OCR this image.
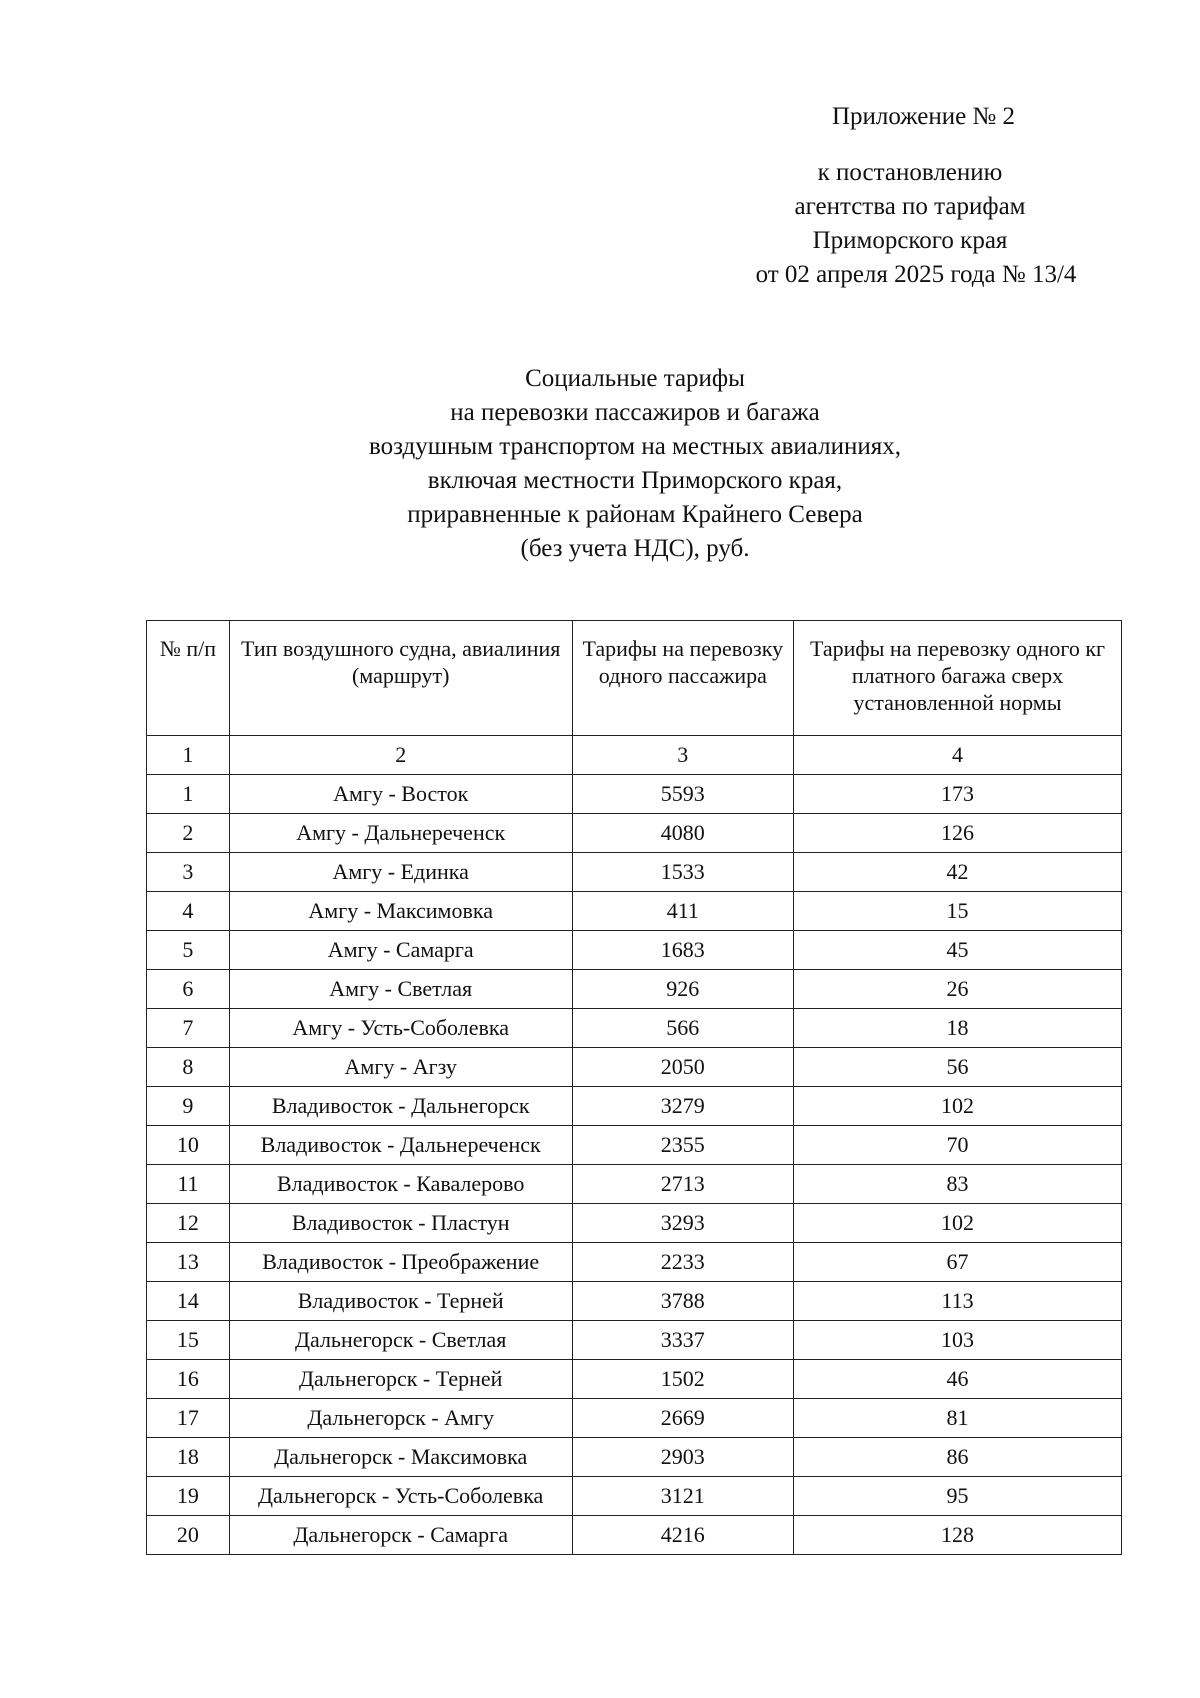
Приложение № 2
к постановлению
агентства по тарифам
Приморского края
от 02 апреля 2025 года № 13/4
Социальные тарифы
на перевозки пассажиров и багажа
воздушным транспортом на местных авиалиниях,
включая местности Приморского края,
приравненные к районам Крайнего Севера
(без учета НДС), руб.
№ п/п	Тип воздушного судна, авиалиния (маршрут)	Тарифы на перевозку одного пассажира	Тарифы на перевозку одного кг платного багажа сверх установленной нормы
1	2	3	4
1	Амгу - Восток	5593	173
2	Амгу - Дальнереченск	4080	126
3	Амгу - Единка	1533	42
4	Амгу - Максимовка	411	15
5	Амгу - Самарга	1683	45
6	Амгу - Светлая	926	26
7	Амгу - Усть-Соболевка	566	18
8	Амгу - Агзу	2050	56
9	Владивосток - Дальнегорск	3279	102
10	Владивосток - Дальнереченск	2355	70
11	Владивосток - Кавалерово	2713	83
12	Владивосток - Пластун	3293	102
13	Владивосток - Преображение	2233	67
14	Владивосток - Терней	3788	113
15	Дальнегорск - Светлая	3337	103
16	Дальнегорск - Терней	1502	46
17	Дальнегорск - Амгу	2669	81
18	Дальнегорск - Максимовка	2903	86
19	Дальнегорск - Усть-Соболевка	3121	95
20	Дальнегорск - Самарга	4216	128
